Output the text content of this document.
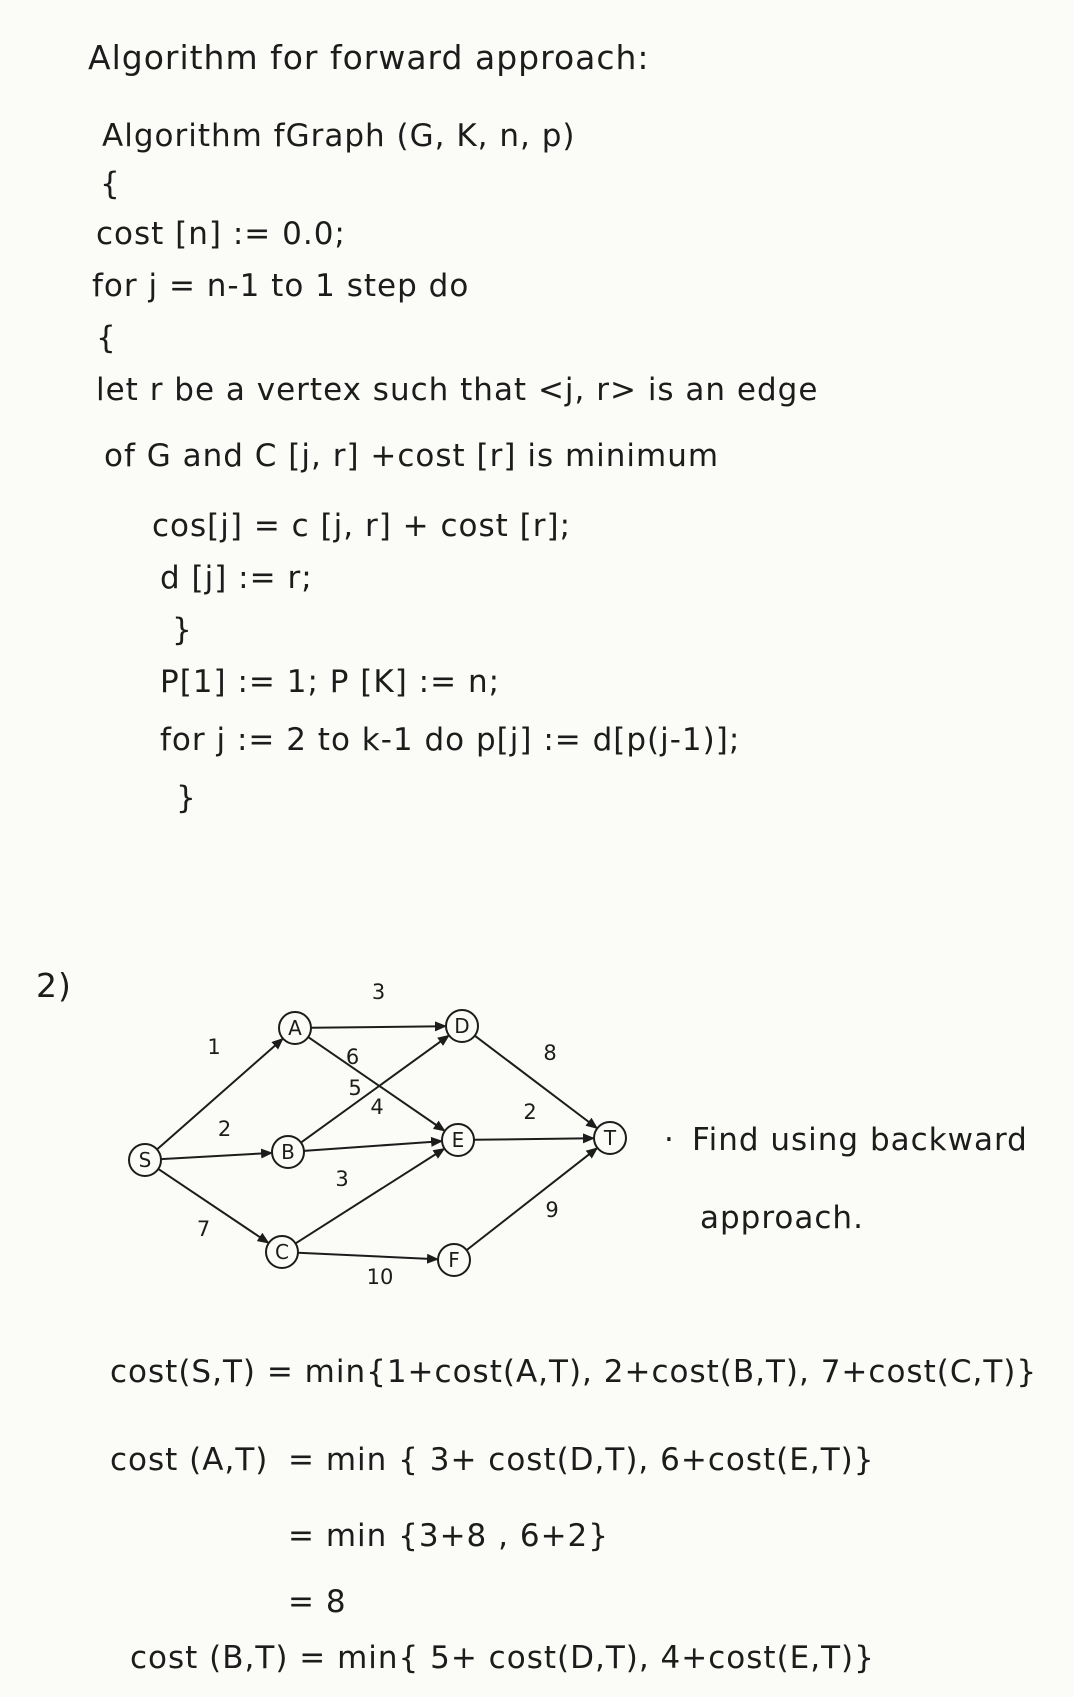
Algorithm for forward approach:
Algorithm fGraph (G, K, n, p)
{
cost [n] := 0.0;
for j = n-1 to 1 step do
{
let r be a vertex such that <j, r> is an edge
of G and C [j, r] +cost [r] is minimum
cos[j] = c [j, r] + cost [r];
d [j] := r;
}
P[1] := 1; P [K] := n;
for j := 2 to k-1 do p[j] := d[p(j-1)];
}
2)
1
2
7
3
6
5
4
3
10
8
2
9
S
A
B
C
D
E
F
T · Find using backward
approach.
cost(S,T) = min{1+cost(A,T), 2+cost(B,T), 7+cost(C,T)}
cost (A,T) = min { 3+ cost(D,T), 6+cost(E,T)}
= min {3+8 , 6+2}
= 8
cost (B,T) = min{ 5+ cost(D,T), 4+cost(E,T)}
